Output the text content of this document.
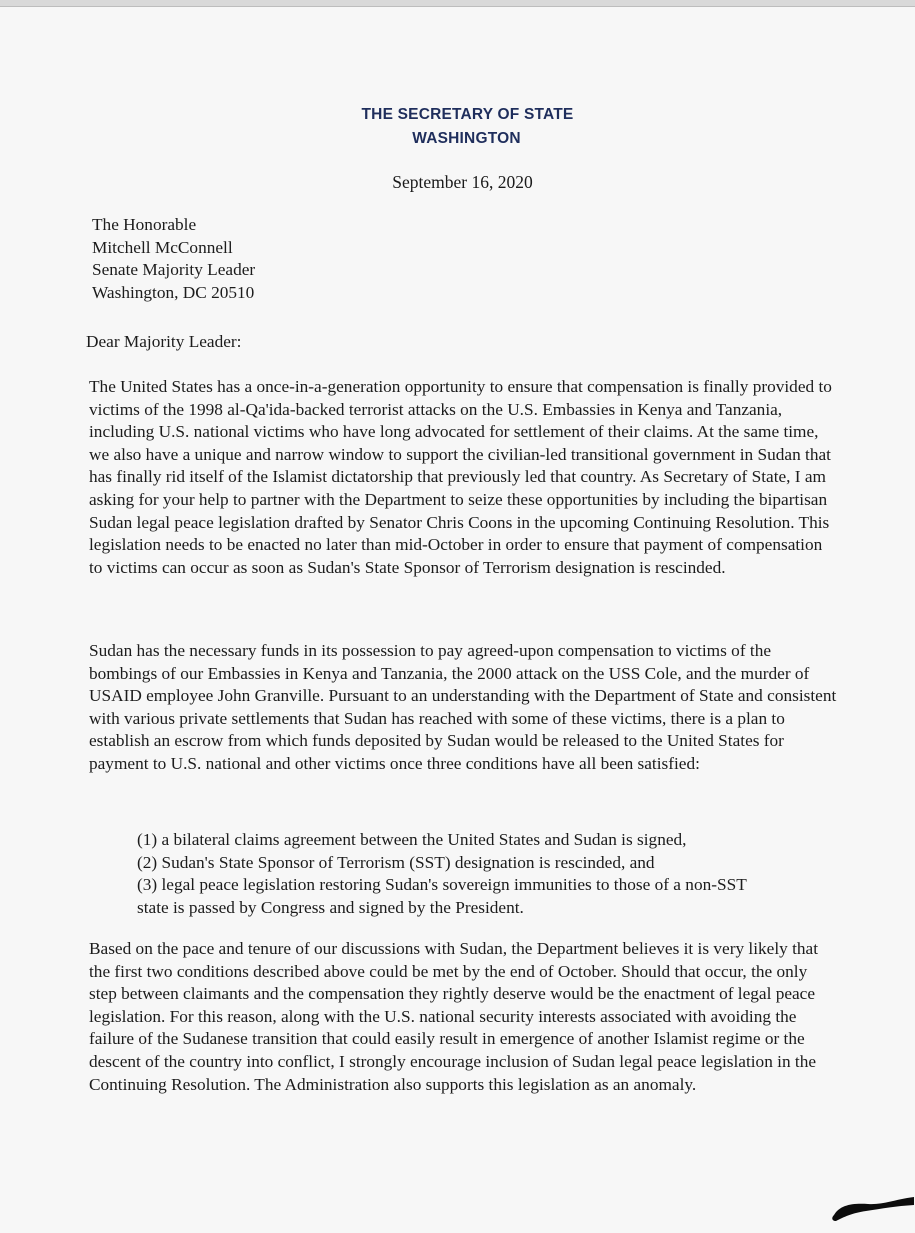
THE SECRETARY OF STATE
WASHINGTON
September 16, 2020
The Honorable
Mitchell McConnell
Senate Majority Leader
Washington, DC 20510
Dear Majority Leader:

The United States has a once-in-a-generation opportunity to ensure that compensation is finally provided to victims of the 1998 al-Qa'ida-backed terrorist attacks on the U.S. Embassies in Kenya and Tanzania, including U.S. national victims who have long advocated for settlement of their claims. At the same time, we also have a unique and narrow window to support the civilian-led transitional government in Sudan that has finally rid itself of the Islamist dictatorship that previously led that country. As Secretary of State, I am asking for your help to partner with the Department to seize these opportunities by including the bipartisan Sudan legal peace legislation drafted by Senator Chris Coons in the upcoming Continuing Resolution. This legislation needs to be enacted no later than mid-October in order to ensure that payment of compensation to victims can occur as soon as Sudan's State Sponsor of Terrorism designation is rescinded.

Sudan has the necessary funds in its possession to pay agreed-upon compensation to victims of the bombings of our Embassies in Kenya and Tanzania, the 2000 attack on the USS Cole, and the murder of USAID employee John Granville. Pursuant to an understanding with the Department of State and consistent with various private settlements that Sudan has reached with some of these victims, there is a plan to establish an escrow from which funds deposited by Sudan would be released to the United States for payment to U.S. national and other victims once three conditions have all been satisfied:

(1) a bilateral claims agreement between the United States and Sudan is signed,
(2) Sudan's State Sponsor of Terrorism (SST) designation is rescinded, and
(3) legal peace legislation restoring Sudan's sovereign immunities to those of a non-SST
state is passed by Congress and signed by the President.

Based on the pace and tenure of our discussions with Sudan, the Department believes it is very likely that the first two conditions described above could be met by the end of October. Should that occur, the only step between claimants and the compensation they rightly deserve would be the enactment of legal peace legislation. For this reason, along with the U.S. national security interests associated with avoiding the failure of the Sudanese transition that could easily result in emergence of another Islamist regime or the descent of the country into conflict, I strongly encourage inclusion of Sudan legal peace legislation in the Continuing Resolution. The Administration also supports this legislation as an anomaly.
